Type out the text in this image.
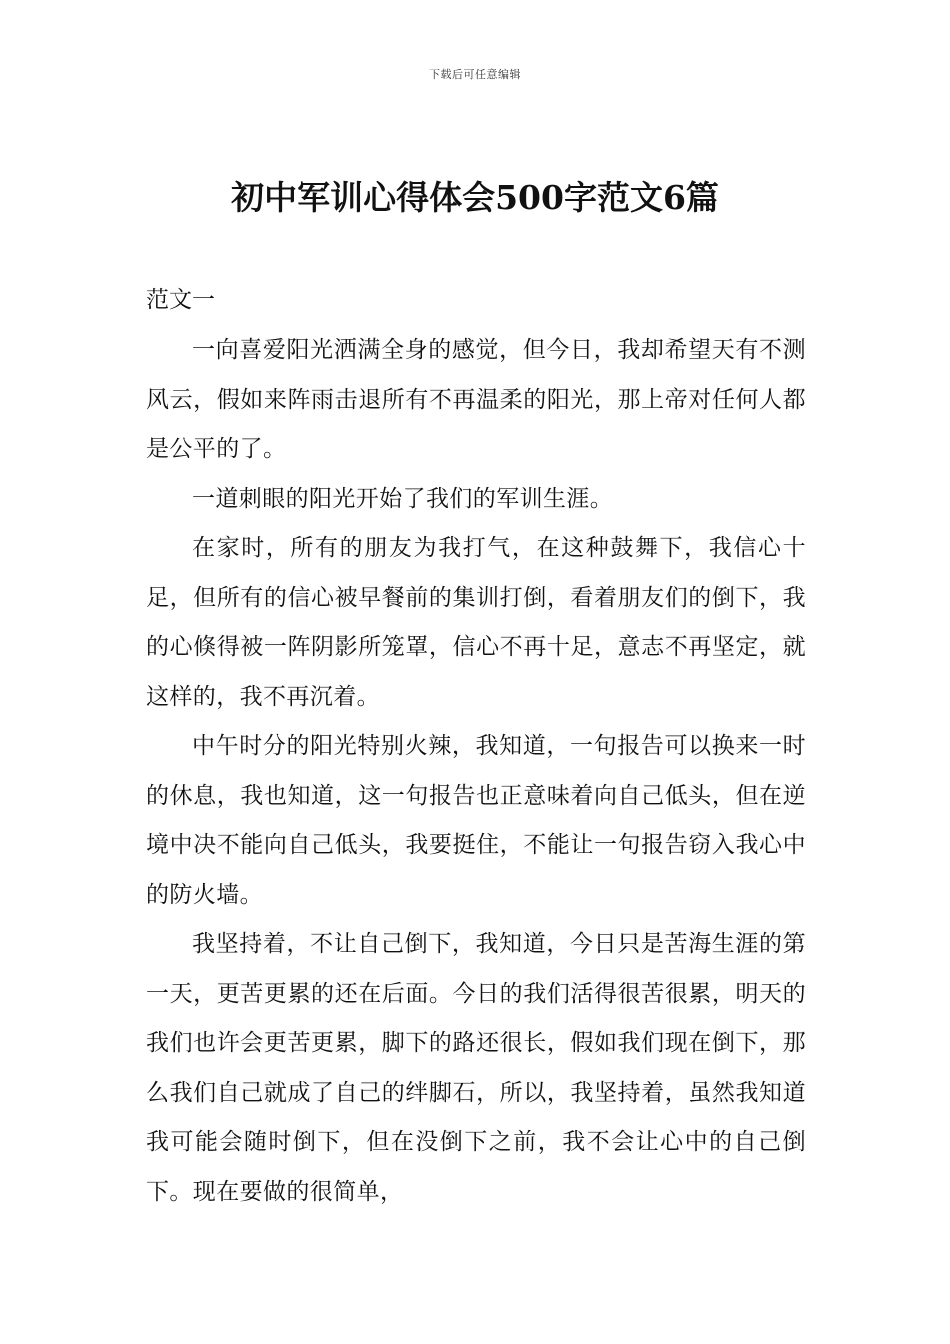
下载后可任意编辑
初中军训心得体会500字范文6篇

范文一

一向喜爱阳光洒满全身的感觉，但今日，我却希望天有不测风云，假如来阵雨击退所有不再温柔的阳光，那上帝对任何人都是公平的了。

一道刺眼的阳光开始了我们的军训生涯。

在家时，所有的朋友为我打气，在这种鼓舞下，我信心十足，但所有的信心被早餐前的集训打倒，看着朋友们的倒下，我的心倏得被一阵阴影所笼罩，信心不再十足，意志不再坚定，就这样的，我不再沉着。

中午时分的阳光特别火辣，我知道，一句报告可以换来一时的休息，我也知道，这一句报告也正意味着向自己低头，但在逆境中决不能向自己低头，我要挺住，不能让一句报告窃入我心中的防火墙。

我坚持着，不让自己倒下，我知道，今日只是苦海生涯的第一天，更苦更累的还在后面。今日的我们活得很苦很累，明天的我们也许会更苦更累，脚下的路还很长，假如我们现在倒下，那么我们自己就成了自己的绊脚石，所以，我坚持着，虽然我知道我可能会随时倒下，但在没倒下之前，我不会让心中的自己倒下。现在要做的很简单，
